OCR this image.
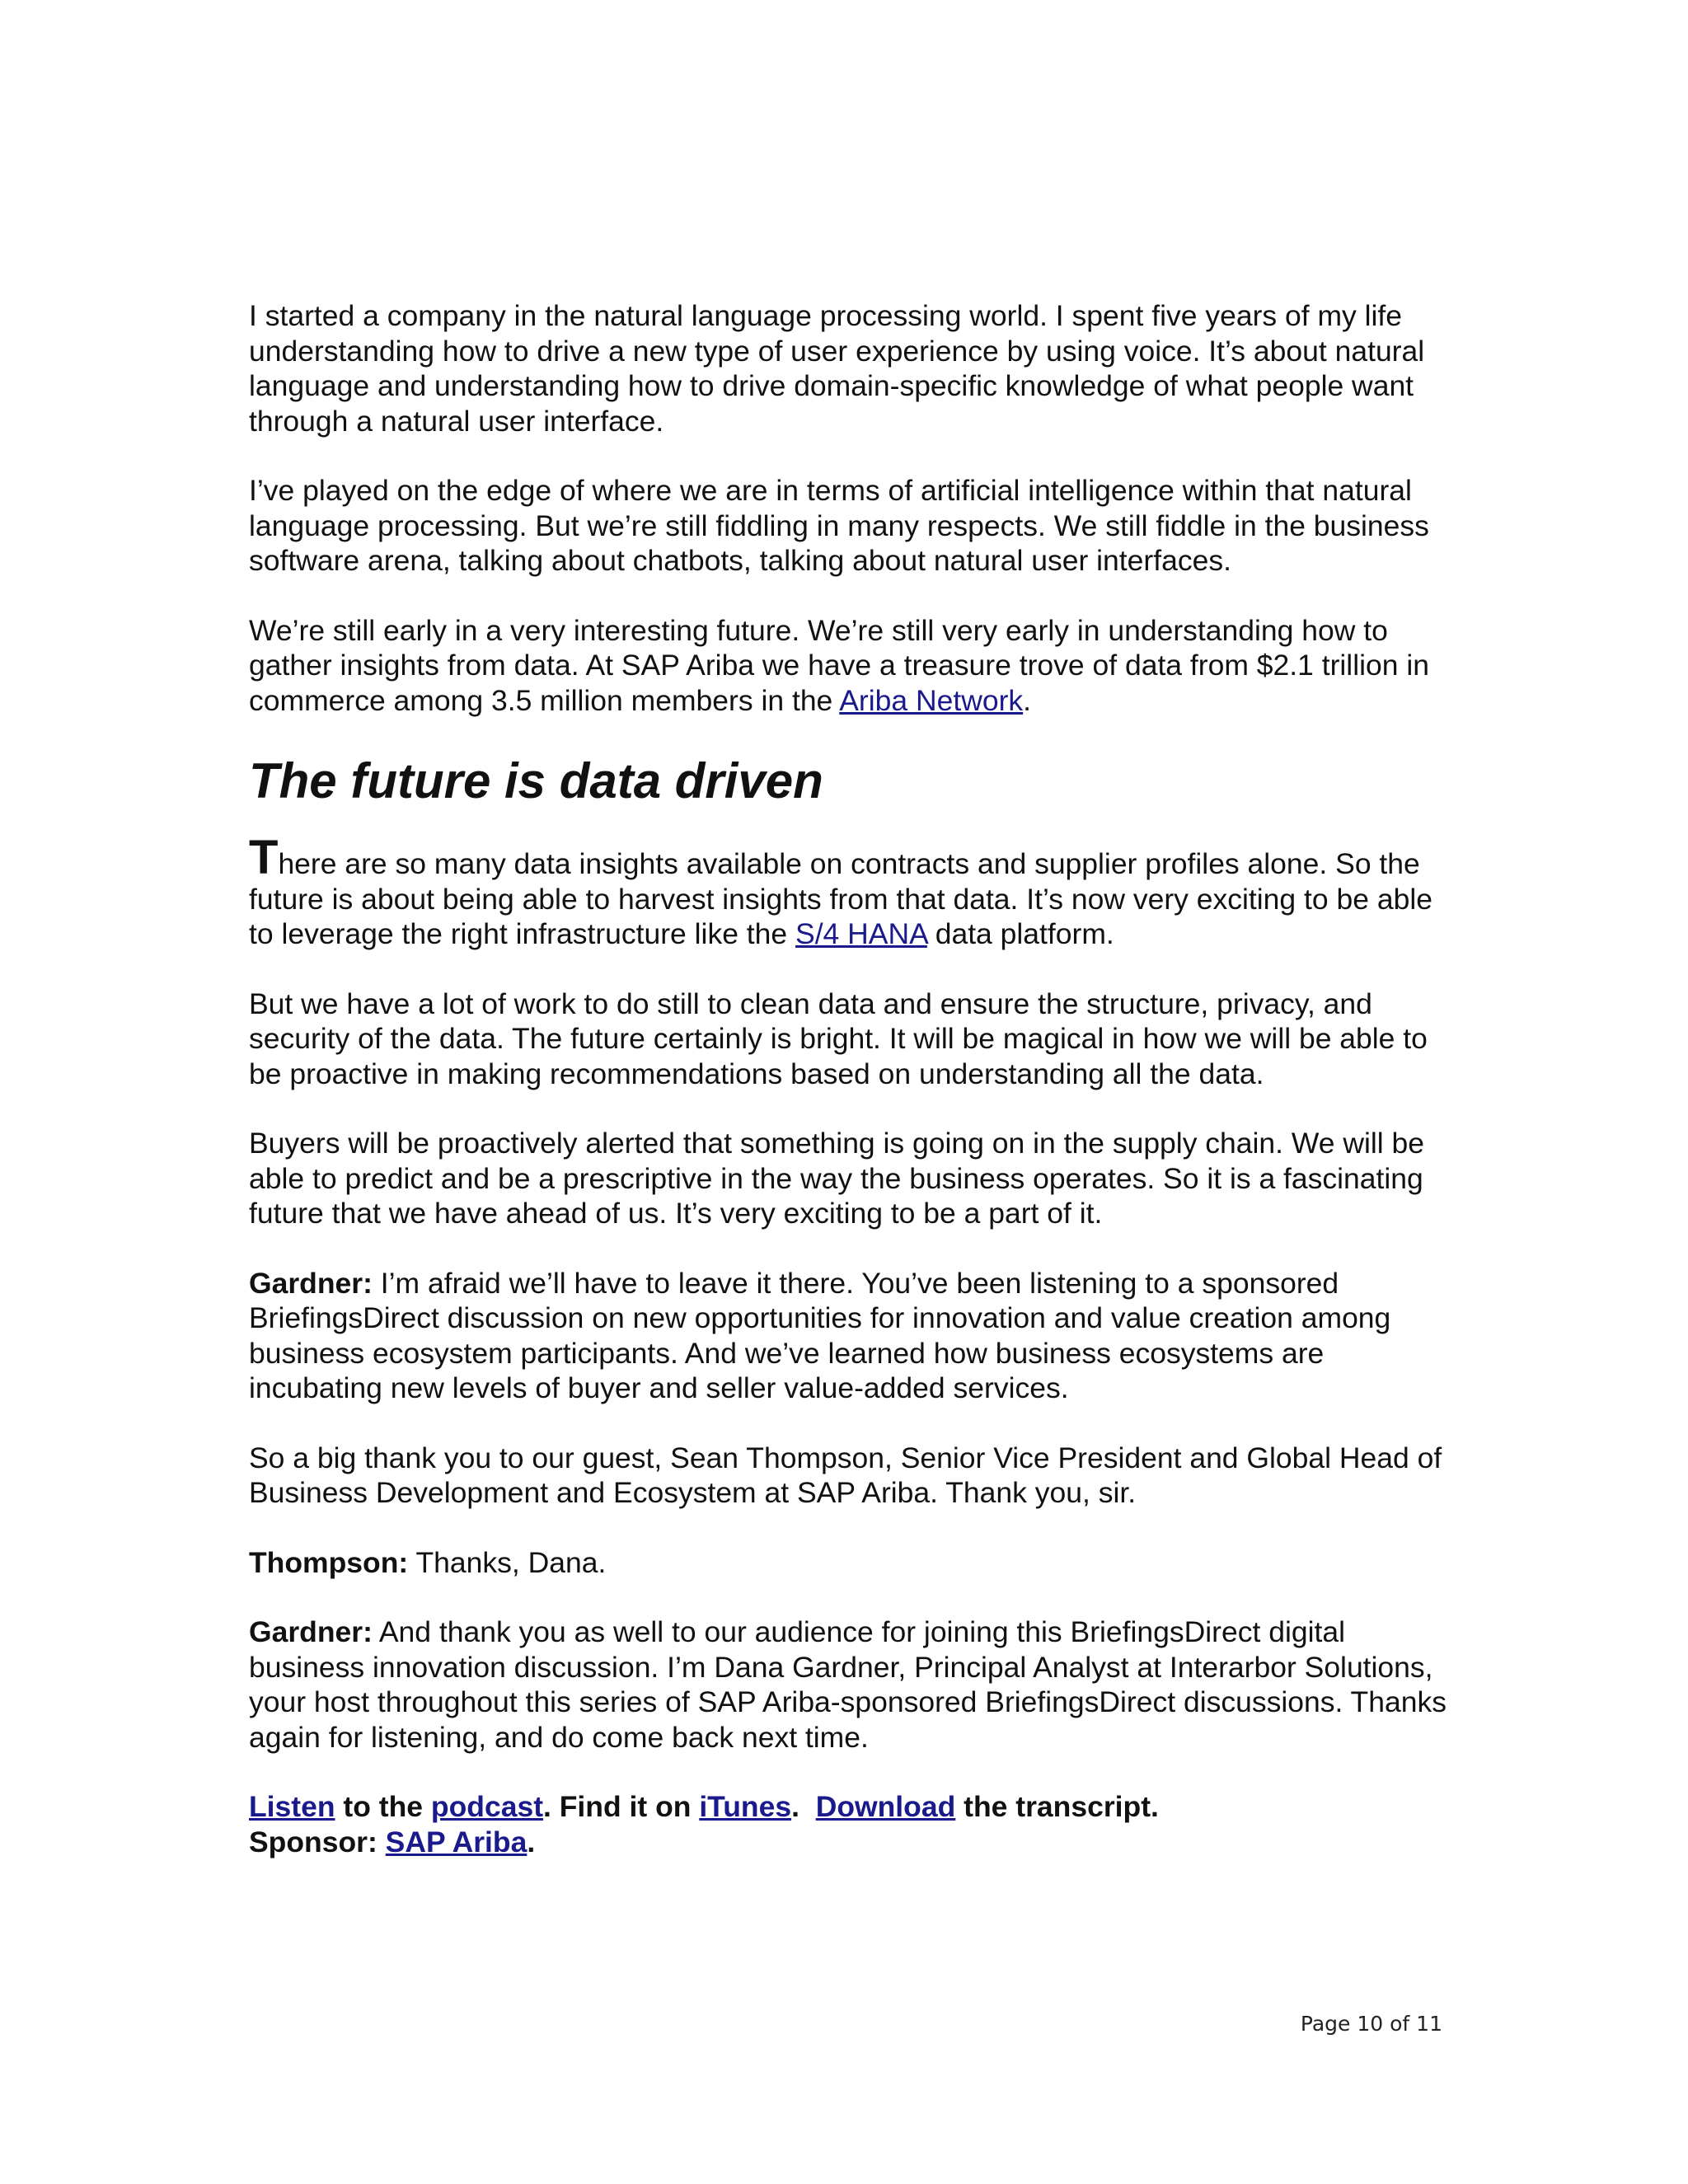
I started a company in the natural language processing world. I spent five years of my life understanding how to drive a new type of user experience by using voice. It’s about natural language and understanding how to drive domain-specific knowledge of what people want through a natural user interface.

I’ve played on the edge of where we are in terms of artificial intelligence within that natural language processing. But we’re still fiddling in many respects. We still fiddle in the business software arena, talking about chatbots, talking about natural user interfaces.

We’re still early in a very interesting future. We’re still very early in understanding how to gather insights from data. At SAP Ariba we have a treasure trove of data from $2.1 trillion in commerce among 3.5 million members in the Ariba Network.

The future is data driven

There are so many data insights available on contracts and supplier profiles alone. So the future is about being able to harvest insights from that data. It’s now very exciting to be able to leverage the right infrastructure like the S/4 HANA data platform.

But we have a lot of work to do still to clean data and ensure the structure, privacy, and security of the data. The future certainly is bright. It will be magical in how we will be able to be proactive in making recommendations based on understanding all the data.

Buyers will be proactively alerted that something is going on in the supply chain. We will be able to predict and be a prescriptive in the way the business operates. So it is a fascinating future that we have ahead of us. It’s very exciting to be a part of it.

Gardner: I’m afraid we’ll have to leave it there. You’ve been listening to a sponsored BriefingsDirect discussion on new opportunities for innovation and value creation among business ecosystem participants. And we’ve learned how business ecosystems are incubating new levels of buyer and seller value-added services.

So a big thank you to our guest, Sean Thompson, Senior Vice President and Global Head of Business Development and Ecosystem at SAP Ariba. Thank you, sir.

Thompson: Thanks, Dana.

Gardner: And thank you as well to our audience for joining this BriefingsDirect digital business innovation discussion. I’m Dana Gardner, Principal Analyst at Interarbor Solutions, your host throughout this series of SAP Ariba-sponsored BriefingsDirect discussions. Thanks again for listening, and do come back next time.

Listen to the podcast. Find it on iTunes.  Download the transcript.
Sponsor: SAP Ariba.

Page 10 of 11
